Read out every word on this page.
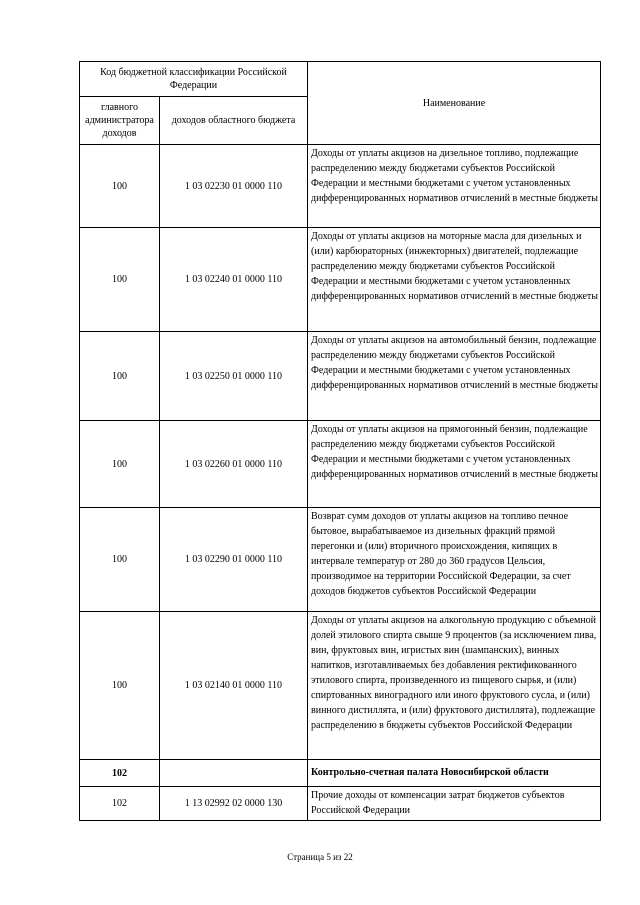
Код бюджетной классификации Российской Федерации		Наименование
главного администратора доходов	доходов областного бюджета	
100	1 03 02230 01 0000 110	Доходы от уплаты акцизов на дизельное топливо, подлежащие распределению между бюджетами субъектов Российской Федерации и местными бюджетами с учетом установленных дифференцированных нормативов отчислений в местные бюджеты
100	1 03 02240 01 0000 110	Доходы от уплаты акцизов на моторные масла для дизельных и (или) карбюраторных (инжекторных) двигателей, подлежащие распределению между бюджетами субъектов Российской Федерации и местными бюджетами с учетом установленных дифференцированных нормативов отчислений в местные бюджеты
100	1 03 02250 01 0000 110	Доходы от уплаты акцизов на автомобильный бензин, подлежащие распределению между бюджетами субъектов Российской Федерации и местными бюджетами с учетом установленных дифференцированных нормативов отчислений в местные бюджеты
100	1 03 02260 01 0000 110	Доходы от уплаты акцизов на прямогонный бензин, подлежащие распределению между бюджетами субъектов Российской Федерации и местными бюджетами с учетом установленных дифференцированных нормативов отчислений в местные бюджеты
100	1 03 02290 01 0000 110	Возврат сумм доходов от уплаты акцизов на топливо печное бытовое, вырабатываемое из дизельных фракций прямой перегонки и (или) вторичного происхождения, кипящих в интервале температур от 280 до 360 градусов Цельсия, производимое на территории Российской Федерации, за счет доходов бюджетов субъектов Российской Федерации
100	1 03 02140 01 0000 110	Доходы от уплаты акцизов на алкогольную продукцию с объемной долей этилового спирта свыше 9 процентов (за исключением пива, вин, фруктовых вин, игристых вин (шампанских), винных напитков, изготавливаемых без добавления ректификованного этилового спирта, произведенного из пищевого сырья, и (или) спиртованных виноградного или иного фруктового сусла, и (или) винного дистиллята, и (или) фруктового дистиллята), подлежащие распределению в бюджеты субъектов Российской Федерации
102		Контрольно-счетная палата Новосибирской области
102	1 13 02992 02 0000 130	Прочие доходы от компенсации затрат бюджетов субъектов Российской Федерации
Страница 5 из 22
